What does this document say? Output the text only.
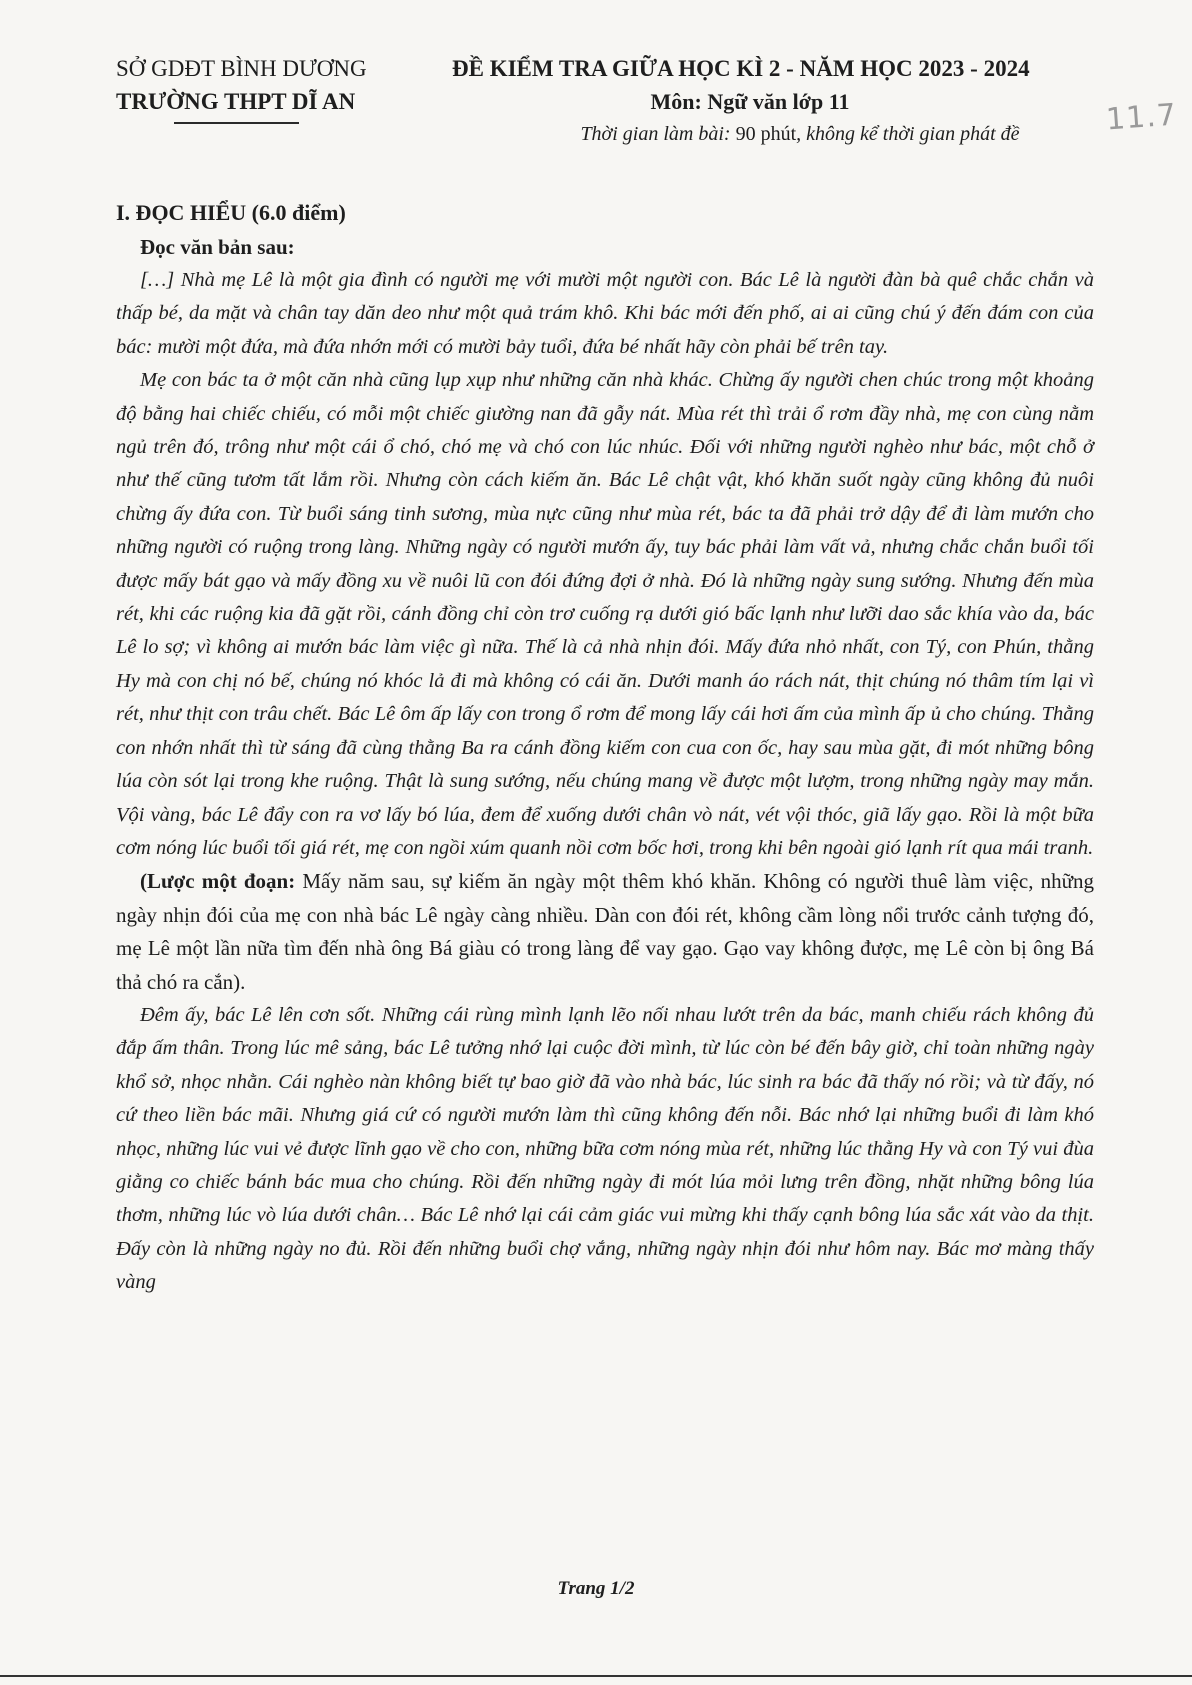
SỞ GDĐT BÌNH DƯƠNG
TRƯỜNG THPT DĨ AN
ĐỀ KIỂM TRA GIỮA HỌC KÌ 2 - NĂM HỌC 2023 - 2024
Môn: Ngữ văn lớp 11
Thời gian làm bài: 90 phút, không kể thời gian phát đề	11.7
I. ĐỌC HIỂU (6.0 điểm)
Đọc văn bản sau:

[…] Nhà mẹ Lê là một gia đình có người mẹ với mười một người con. Bác Lê là người đàn bà quê chắc chắn và thấp bé, da mặt và chân tay dăn deo như một quả trám khô. Khi bác mới đến phố, ai ai cũng chú ý đến đám con của bác: mười một đứa, mà đứa nhớn mới có mười bảy tuổi, đứa bé nhất hãy còn phải bế trên tay.

Mẹ con bác ta ở một căn nhà cũng lụp xụp như những căn nhà khác. Chừng ấy người chen chúc trong một khoảng độ bằng hai chiếc chiếu, có mỗi một chiếc giường nan đã gẫy nát. Mùa rét thì trải ổ rơm đầy nhà, mẹ con cùng nằm ngủ trên đó, trông như một cái ổ chó, chó mẹ và chó con lúc nhúc. Đối với những người nghèo như bác, một chỗ ở như thế cũng tươm tất lắm rồi. Nhưng còn cách kiếm ăn. Bác Lê chật vật, khó khăn suốt ngày cũng không đủ nuôi chừng ấy đứa con. Từ buổi sáng tinh sương, mùa nực cũng như mùa rét, bác ta đã phải trở dậy để đi làm mướn cho những người có ruộng trong làng. Những ngày có người mướn ấy, tuy bác phải làm vất vả, nhưng chắc chắn buổi tối được mấy bát gạo và mấy đồng xu về nuôi lũ con đói đứng đợi ở nhà. Đó là những ngày sung sướng. Nhưng đến mùa rét, khi các ruộng kia đã gặt rồi, cánh đồng chỉ còn trơ cuống rạ dưới gió bấc lạnh như lưỡi dao sắc khía vào da, bác Lê lo sợ; vì không ai mướn bác làm việc gì nữa. Thế là cả nhà nhịn đói. Mấy đứa nhỏ nhất, con Tý, con Phún, thằng Hy mà con chị nó bế, chúng nó khóc lả đi mà không có cái ăn. Dưới manh áo rách nát, thịt chúng nó thâm tím lại vì rét, như thịt con trâu chết. Bác Lê ôm ấp lấy con trong ổ rơm để mong lấy cái hơi ấm của mình ấp ủ cho chúng. Thằng con nhớn nhất thì từ sáng đã cùng thằng Ba ra cánh đồng kiếm con cua con ốc, hay sau mùa gặt, đi mót những bông lúa còn sót lại trong khe ruộng. Thật là sung sướng, nếu chúng mang về được một lượm, trong những ngày may mắn. Vội vàng, bác Lê đẩy con ra vơ lấy bó lúa, đem để xuống dưới chân vò nát, vét vội thóc, giã lấy gạo. Rồi là một bữa cơm nóng lúc buổi tối giá rét, mẹ con ngồi xúm quanh nồi cơm bốc hơi, trong khi bên ngoài gió lạnh rít qua mái tranh.

(Lược một đoạn: Mấy năm sau, sự kiếm ăn ngày một thêm khó khăn. Không có người thuê làm việc, những ngày nhịn đói của mẹ con nhà bác Lê ngày càng nhiều. Dàn con đói rét, không cầm lòng nổi trước cảnh tượng đó, mẹ Lê một lần nữa tìm đến nhà ông Bá giàu có trong làng để vay gạo. Gạo vay không được, mẹ Lê còn bị ông Bá thả chó ra cắn).

Đêm ấy, bác Lê lên cơn sốt. Những cái rùng mình lạnh lẽo nối nhau lướt trên da bác, manh chiếu rách không đủ đắp ấm thân. Trong lúc mê sảng, bác Lê tưởng nhớ lại cuộc đời mình, từ lúc còn bé đến bây giờ, chỉ toàn những ngày khổ sở, nhọc nhằn. Cái nghèo nàn không biết tự bao giờ đã vào nhà bác, lúc sinh ra bác đã thấy nó rồi; và từ đấy, nó cứ theo liền bác mãi. Nhưng giá cứ có người mướn làm thì cũng không đến nỗi. Bác nhớ lại những buổi đi làm khó nhọc, những lúc vui vẻ được lĩnh gạo về cho con, những bữa cơm nóng mùa rét, những lúc thằng Hy và con Tý vui đùa giằng co chiếc bánh bác mua cho chúng. Rồi đến những ngày đi mót lúa mỏi lưng trên đồng, nhặt những bông lúa thơm, những lúc vò lúa dưới chân… Bác Lê nhớ lại cái cảm giác vui mừng khi thấy cạnh bông lúa sắc xát vào da thịt. Đấy còn là những ngày no đủ. Rồi đến những buổi chợ vắng, những ngày nhịn đói như hôm nay. Bác mơ màng thấy vàng

Trang 1/2
